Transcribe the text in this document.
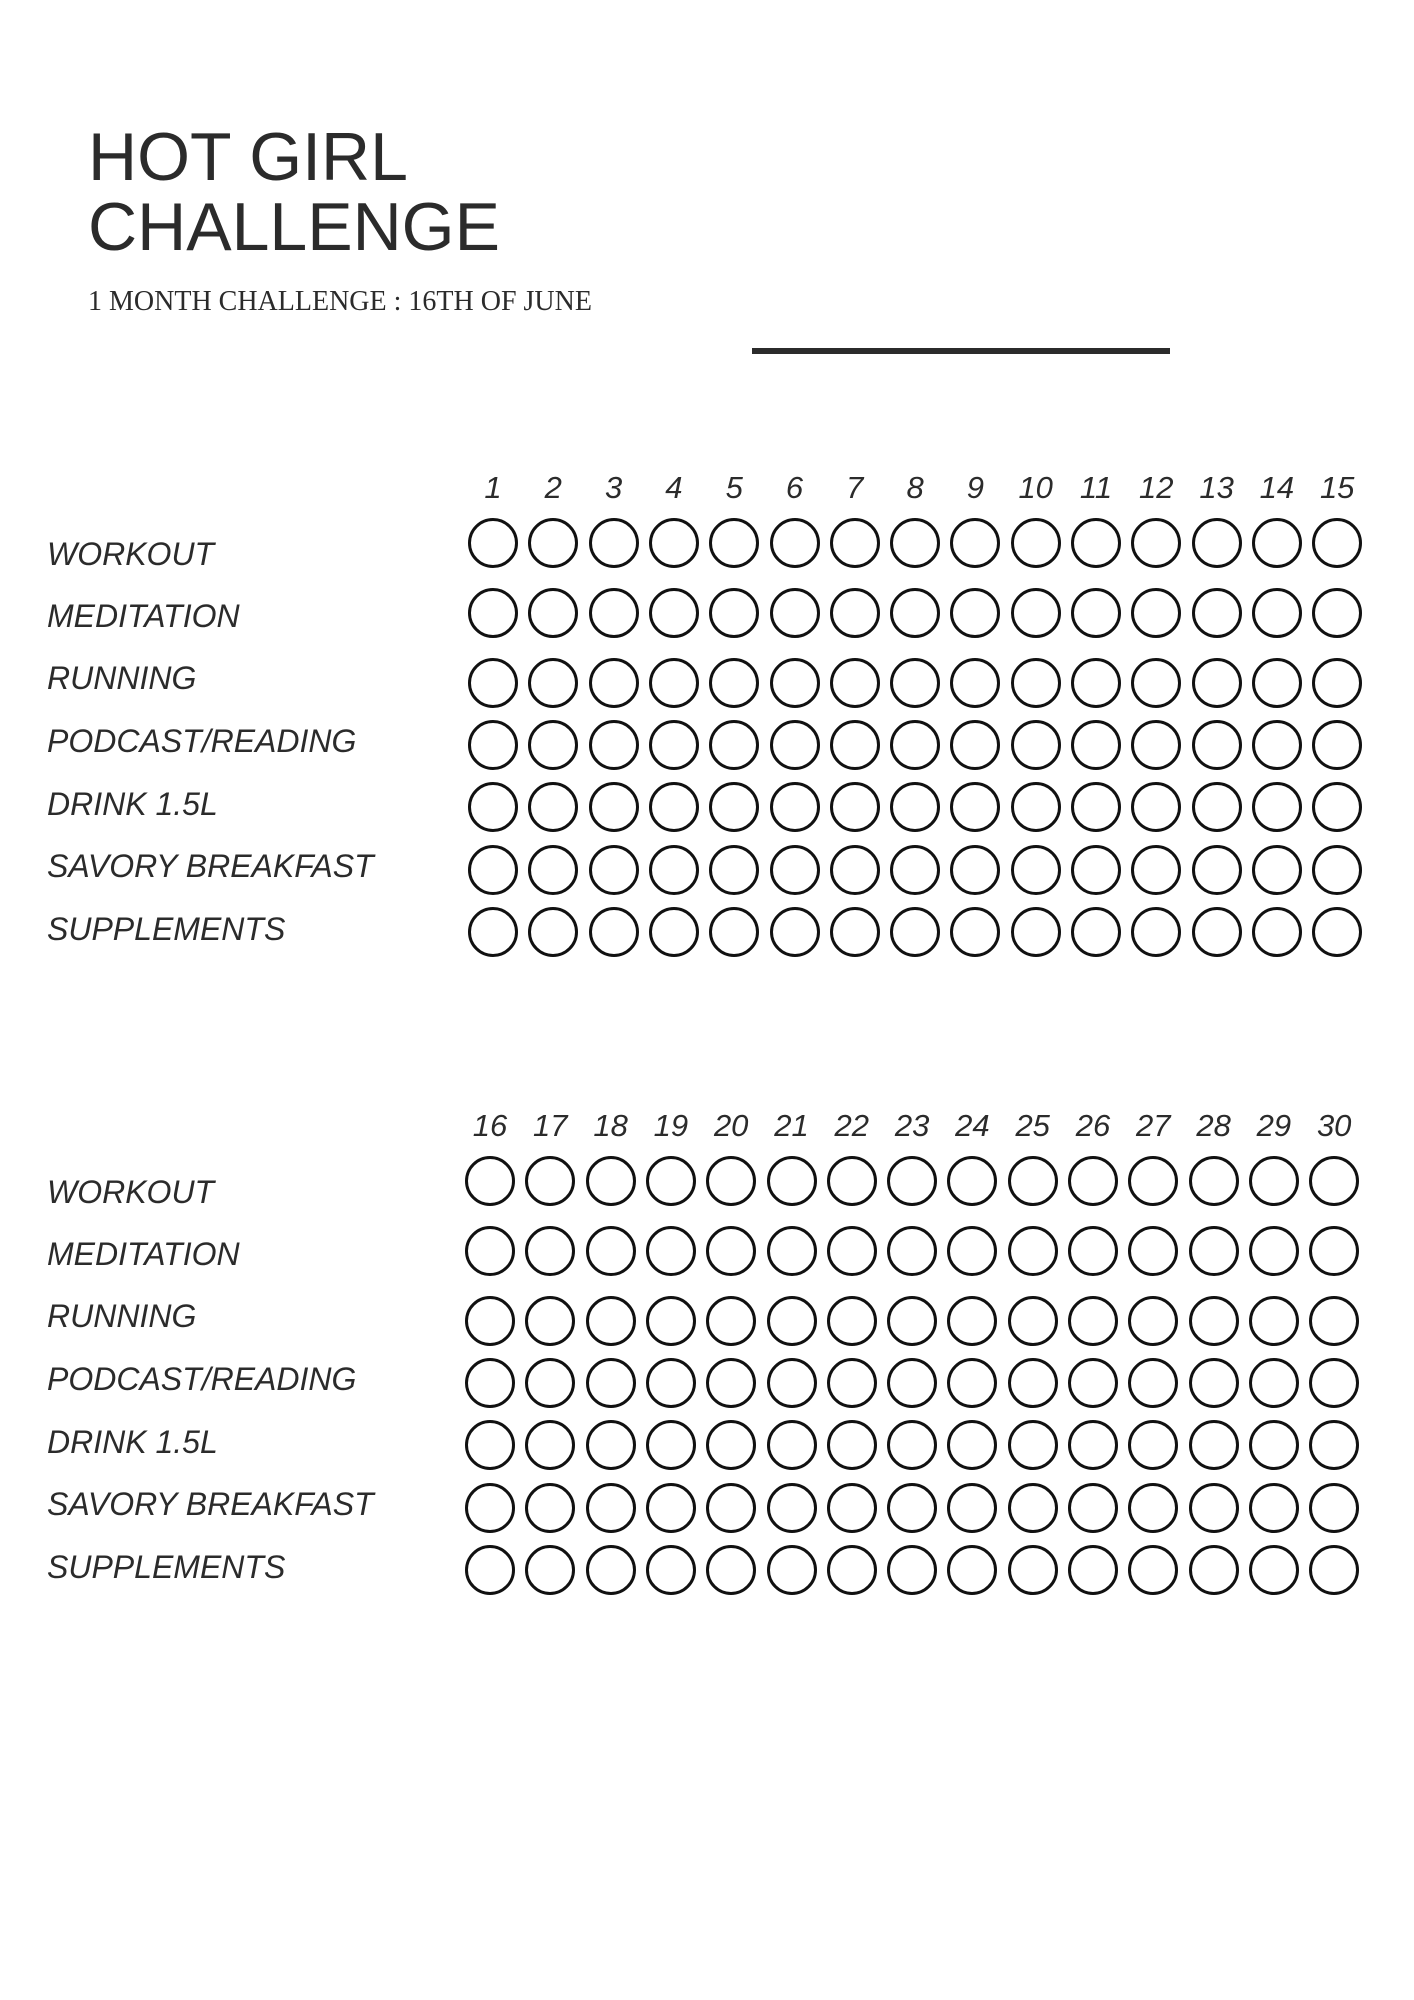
HOT GIRL
CHALLENGE
1 MONTH CHALLENGE : 16TH OF JUNE
1	2	3	4	5	6	7	8	9	10 11 12 13 14 15
WORKOUT
MEDITATION
RUNNING
PODCAST/READING
DRINK 1.5L
SAVORY BREAKFAST
SUPPLEMENTS
16 17 18 19 20 21 22 23 24 25 26 27 28 29 30
WORKOUT
MEDITATION
RUNNING
PODCAST/READING
DRINK 1.5L
SAVORY BREAKFAST
SUPPLEMENTS
